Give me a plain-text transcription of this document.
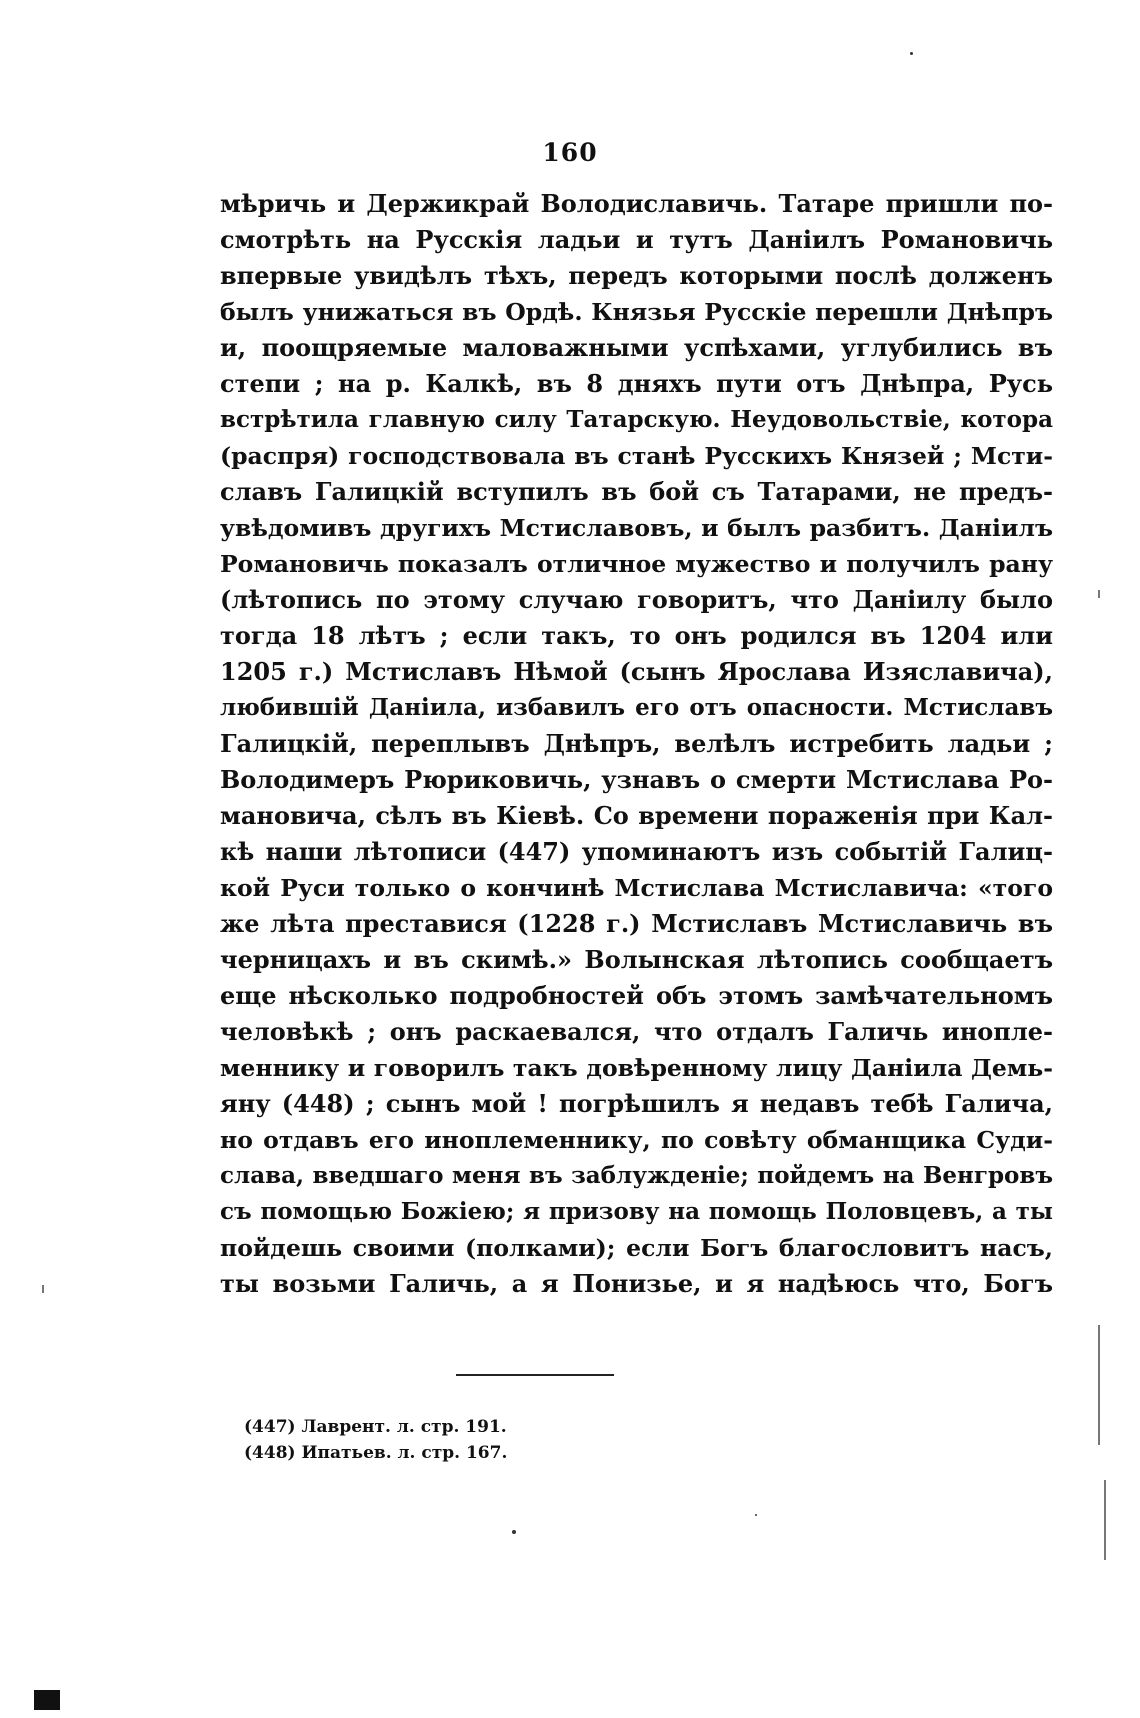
160
мѣричь и Держикрай Володиславичь. Татаре пришли по-
смотрѣть на Русскія ладьи и тутъ Даніилъ Романовичь
впервые увидѣлъ тѣхъ, передъ которыми послѣ долженъ
былъ унижаться въ Ордѣ. Князья Русскіе перешли Днѣпръ
и, поощряемые маловажными успѣхами, углубились въ
степи ; на р. Калкѣ, въ 8 дняхъ пути отъ Днѣпра, Русь
встрѣтила главную силу Татарскую. Неудовольствіе, котора
(распря) господствовала въ станѣ Русскихъ Князей ; Мсти-
славъ Галицкій вступилъ въ бой съ Татарами, не предъ-
увѣдомивъ другихъ Мстиславовъ, и былъ разбитъ. Даніилъ
Романовичь показалъ отличное мужество и получилъ рану
(лѣтопись по этому случаю говоритъ, что Даніилу было
тогда 18 лѣтъ ; если такъ, то онъ родился въ 1204 или
1205 г.) Мстиславъ Нѣмой (сынъ Ярослава Изяславича),
любившій Даніила, избавилъ его отъ опасности. Мстиславъ
Галицкій, переплывъ Днѣпръ, велѣлъ истребить ладьи ;
Володимеръ Рюриковичь, узнавъ о смерти Мстислава Ро-
мановича, сѣлъ въ Кіевѣ. Со времени пораженія при Кал-
кѣ наши лѣтописи (447) упоминаютъ изъ событій Галиц-
кой Руси только о кончинѣ Мстислава Мстиславича: «того
же лѣта преставися (1228 г.) Мстиславъ Мстиславичь въ
черницахъ и въ скимѣ.» Волынская лѣтопись сообщаетъ
еще нѣсколько подробностей объ этомъ замѣчательномъ
человѣкѣ ; онъ раскаевался, что отдалъ Галичь инопле-
меннику и говорилъ такъ довѣренному лицу Даніила Демь-
яну (448) ; сынъ мой ! погрѣшилъ я недавъ тебѣ Галича,
но отдавъ его иноплеменнику, по совѣту обманщика Суди-
слава, введшаго меня въ заблужденіе; пойдемъ на Венгровъ
съ помощью Божіею; я призову на помощь Половцевъ, а ты
пойдешь своими (полками); если Богъ благословитъ насъ,
ты возьми Галичь, а я Понизье, и я надѣюсь что, Богъ
(447) Лаврент. л. стр. 191.
(448) Ипатьев. л. стр. 167.
